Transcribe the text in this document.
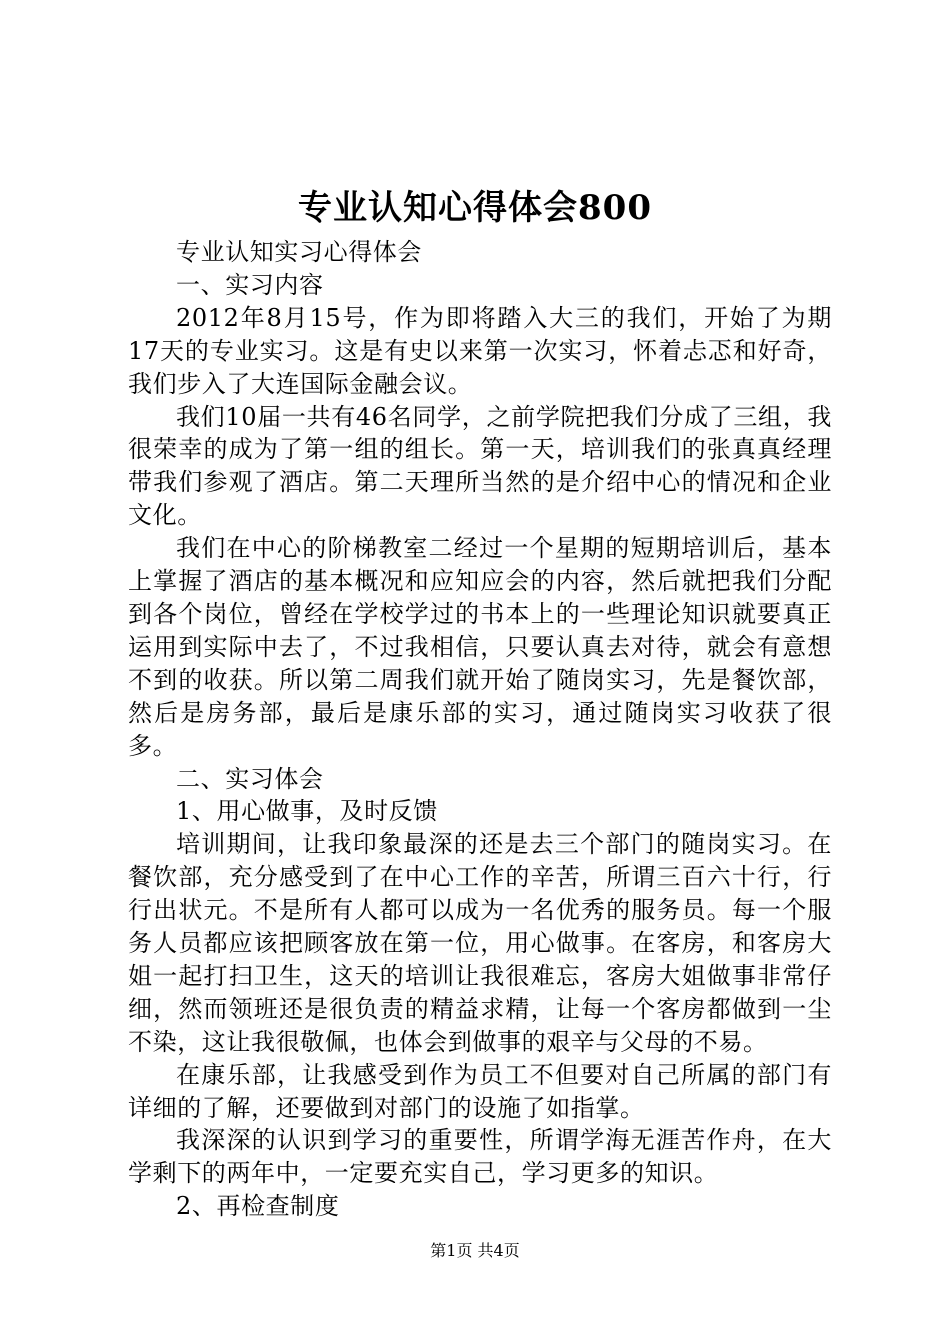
专业认知心得体会800

专业认知实习心得体会

一、实习内容

2012年8月15号，作为即将踏入大三的我们，开始了为期17天的专业实习。这是有史以来第一次实习，怀着忐忑和好奇，我们步入了大连国际金融会议。

我们10届一共有46名同学，之前学院把我们分成了三组，我很荣幸的成为了第一组的组长。第一天，培训我们的张真真经理带我们参观了酒店。第二天理所当然的是介绍中心的情况和企业文化。

我们在中心的阶梯教室二经过一个星期的短期培训后，基本上掌握了酒店的基本概况和应知应会的内容，然后就把我们分配到各个岗位，曾经在学校学过的书本上的一些理论知识就要真正运用到实际中去了，不过我相信，只要认真去对待，就会有意想不到的收获。所以第二周我们就开始了随岗实习，先是餐饮部，然后是房务部，最后是康乐部的实习，通过随岗实习收获了很多。

二、实习体会

1、用心做事，及时反馈

培训期间，让我印象最深的还是去三个部门的随岗实习。在餐饮部，充分感受到了在中心工作的辛苦，所谓三百六十行，行行出状元。不是所有人都可以成为一名优秀的服务员。每一个服务人员都应该把顾客放在第一位，用心做事。在客房，和客房大姐一起打扫卫生，这天的培训让我很难忘，客房大姐做事非常仔细，然而领班还是很负责的精益求精，让每一个客房都做到一尘不染，这让我很敬佩，也体会到做事的艰辛与父母的不易。

在康乐部，让我感受到作为员工不但要对自己所属的部门有详细的了解，还要做到对部门的设施了如指掌。

我深深的认识到学习的重要性，所谓学海无涯苦作舟，在大学剩下的两年中，一定要充实自己，学习更多的知识。

2、再检查制度

第1页 共4页
